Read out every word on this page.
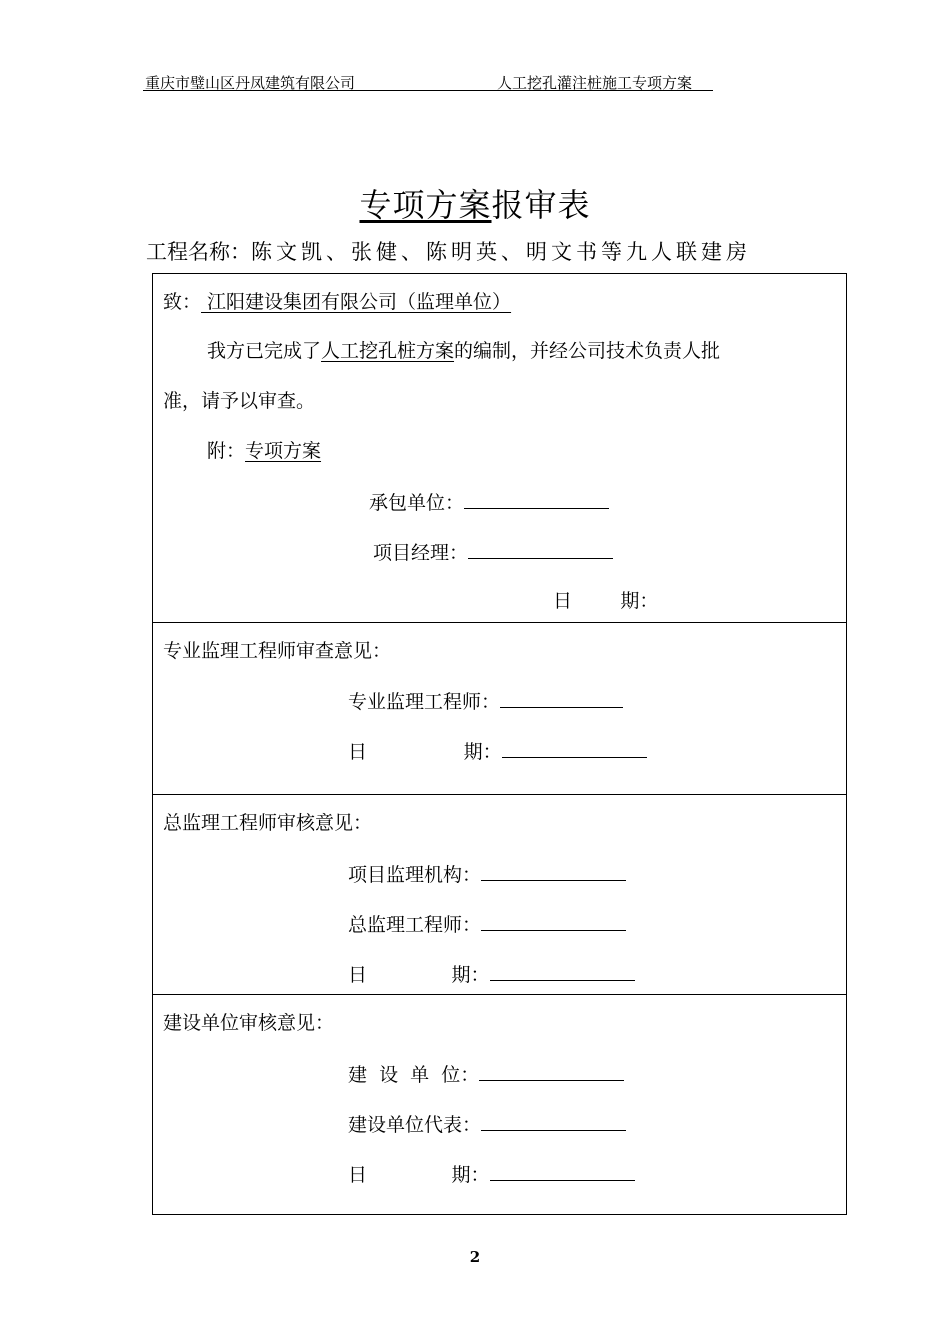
重庆市璧山区丹凤建筑有限公司	人工挖孔灌注桩施工专项方案
专项方案报审表
工程名称：陈文凯、张健、陈明英、明文书等九人联建房
致： 江阳建设集团有限公司（监理单位）
我方已完成了人工挖孔桩方案的编制，并经公司技术负责人批
准，请予以审查。
附：专项方案
承包单位：
项目经理：
日        期：
专业监理工程师审查意见：
专业监理工程师：
日                期：
总监理工程师审核意见：
项目监理机构：
总监理工程师：
日              期：
建设单位审核意见：
建  设  单  位：
建设单位代表：
日              期：
2
